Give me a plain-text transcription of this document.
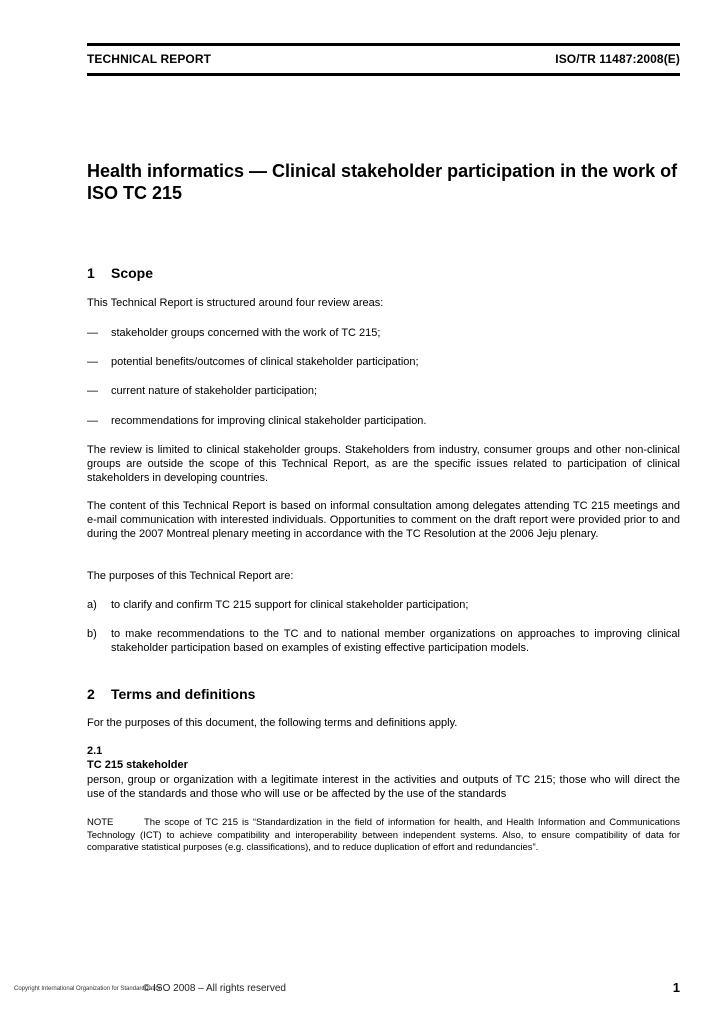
TECHNICAL REPORT	ISO/TR 11487:2008(E)
Health informatics — Clinical stakeholder participation in the work of ISO TC 215
1 Scope
This Technical Report is structured around four review areas:
— stakeholder groups concerned with the work of TC 215;
— potential benefits/outcomes of clinical stakeholder participation;
— current nature of stakeholder participation;
— recommendations for improving clinical stakeholder participation.
The review is limited to clinical stakeholder groups. Stakeholders from industry, consumer groups and other non-clinical groups are outside the scope of this Technical Report, as are the specific issues related to participation of clinical stakeholders in developing countries.
The content of this Technical Report is based on informal consultation among delegates attending TC 215 meetings and e-mail communication with interested individuals. Opportunities to comment on the draft report were provided prior to and during the 2007 Montreal plenary meeting in accordance with the TC Resolution at the 2006 Jeju plenary.
The purposes of this Technical Report are:
a) to clarify and confirm TC 215 support for clinical stakeholder participation;
b) to make recommendations to the TC and to national member organizations on approaches to improving clinical stakeholder participation based on examples of existing effective participation models.
2 Terms and definitions
For the purposes of this document, the following terms and definitions apply.
2.1
TC 215 stakeholder
person, group or organization with a legitimate interest in the activities and outputs of TC 215; those who will direct the use of the standards and those who will use or be affected by the use of the standards
NOTE	The scope of TC 215 is “Standardization in the field of information for health, and Health Information and Communications Technology (ICT) to achieve compatibility and interoperability between independent systems. Also, to ensure compatibility of data for comparative statistical purposes (e.g. classifications), and to reduce duplication of effort and redundancies”.
Copyright International Organization for Standardization
© ISO 2008 – All rights reserved	1
